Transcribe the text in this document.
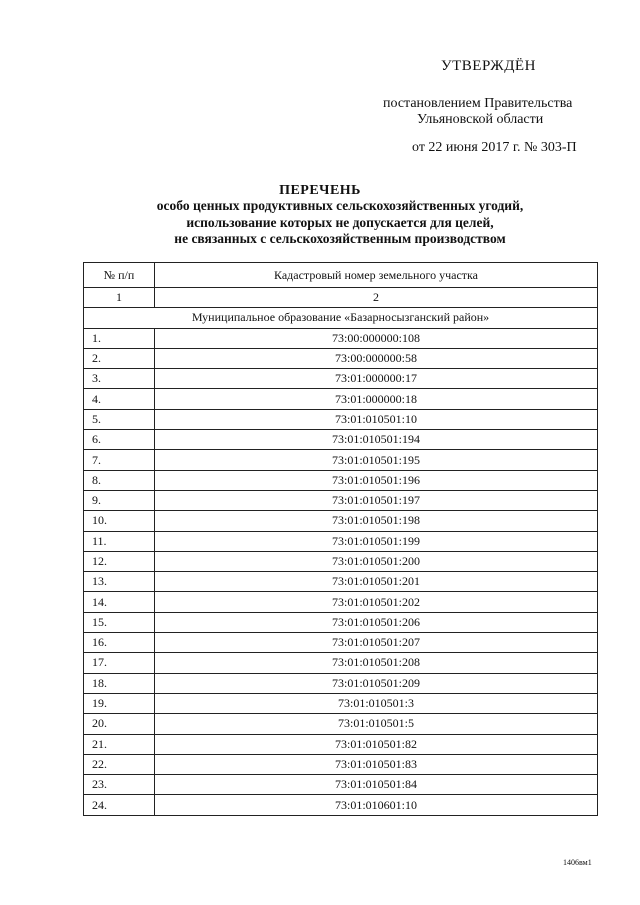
УТВЕРЖДЁН
постановлением Правительства
Ульяновской области
от 22 июня 2017 г. № 303-П
ПЕРЕЧЕНЬ
особо ценных продуктивных сельскохозяйственных угодий,
использование которых не допускается для целей,
не связанных с сельскохозяйственным производством
№ п/п	Кадастровый номер земельного участка
1	2
Муниципальное образование «Базарносызганский район»	
1.	73:00:000000:108
2.	73:00:000000:58
3.	73:01:000000:17
4.	73:01:000000:18
5.	73:01:010501:10
6.	73:01:010501:194
7.	73:01:010501:195
8.	73:01:010501:196
9.	73:01:010501:197
10.	73:01:010501:198
11.	73:01:010501:199
12.	73:01:010501:200
13.	73:01:010501:201
14.	73:01:010501:202
15.	73:01:010501:206
16.	73:01:010501:207
17.	73:01:010501:208
18.	73:01:010501:209
19.	73:01:010501:3
20.	73:01:010501:5
21.	73:01:010501:82
22.	73:01:010501:83
23.	73:01:010501:84
24.	73:01:010601:10
1406вм1
